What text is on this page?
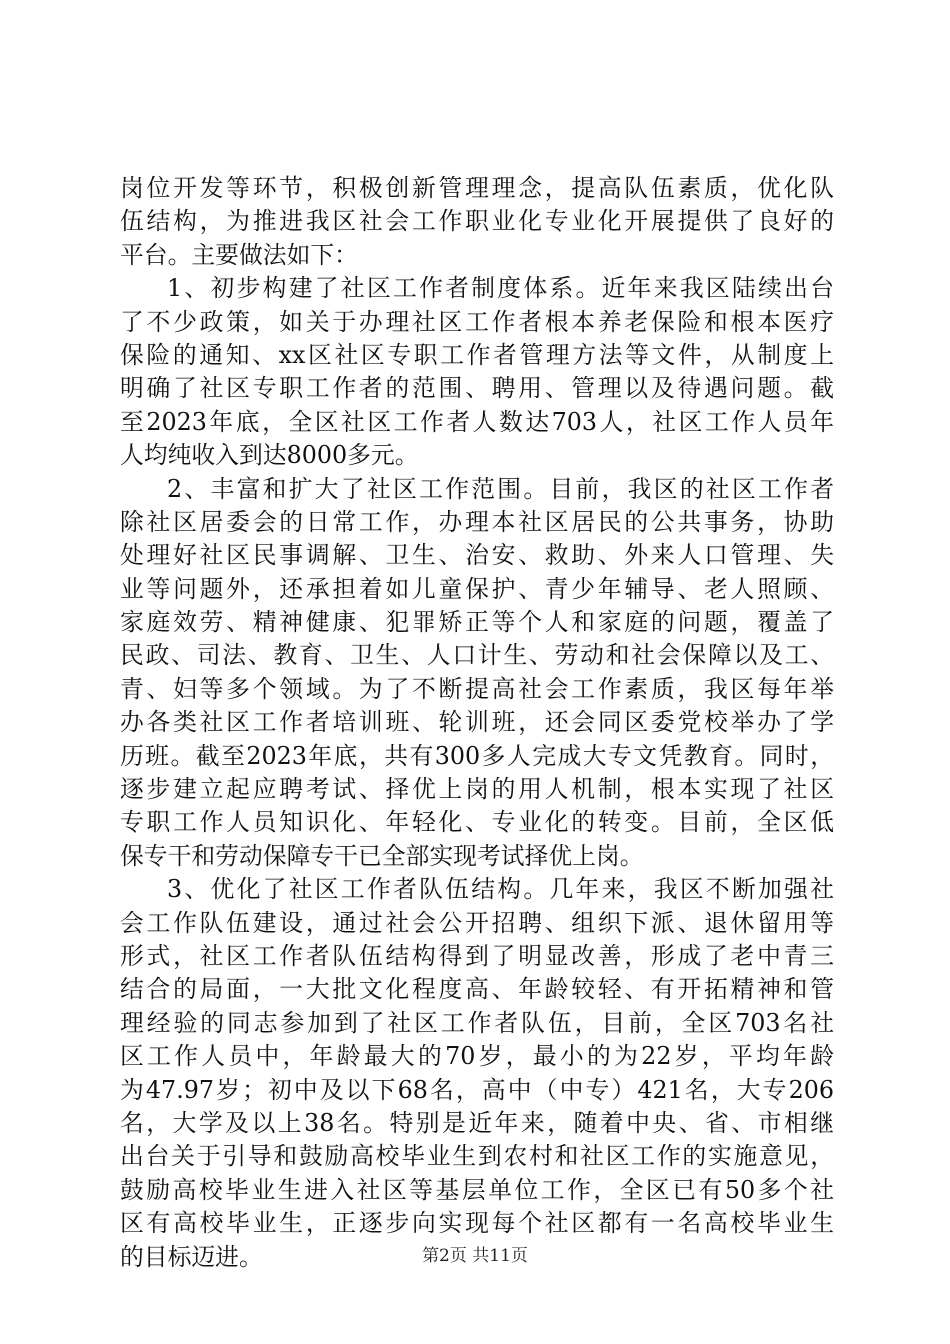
岗位开发等环节，积极创新管理理念，提高队伍素质，优化队
伍结构，为推进我区社会工作职业化专业化开展提供了良好的
平台。主要做法如下：
1、初步构建了社区工作者制度体系。近年来我区陆续出台
了不少政策，如关于办理社区工作者根本养老保险和根本医疗
保险的通知、xx区社区专职工作者管理方法等文件，从制度上
明确了社区专职工作者的范围、聘用、管理以及待遇问题。截
至2023年底，全区社区工作者人数达703人，社区工作人员年
人均纯收入到达8000多元。
2、丰富和扩大了社区工作范围。目前，我区的社区工作者
除社区居委会的日常工作，办理本社区居民的公共事务，协助
处理好社区民事调解、卫生、治安、救助、外来人口管理、失
业等问题外，还承担着如儿童保护、青少年辅导、老人照顾、
家庭效劳、精神健康、犯罪矫正等个人和家庭的问题，覆盖了
民政、司法、教育、卫生、人口计生、劳动和社会保障以及工、
青、妇等多个领域。为了不断提高社会工作素质，我区每年举
办各类社区工作者培训班、轮训班，还会同区委党校举办了学
历班。截至2023年底，共有300多人完成大专文凭教育。同时，
逐步建立起应聘考试、择优上岗的用人机制，根本实现了社区
专职工作人员知识化、年轻化、专业化的转变。目前，全区低
保专干和劳动保障专干已全部实现考试择优上岗。
3、优化了社区工作者队伍结构。几年来，我区不断加强社
会工作队伍建设，通过社会公开招聘、组织下派、退休留用等
形式，社区工作者队伍结构得到了明显改善，形成了老中青三
结合的局面，一大批文化程度高、年龄较轻、有开拓精神和管
理经验的同志参加到了社区工作者队伍，目前，全区703名社
区工作人员中，年龄最大的70岁，最小的为22岁，平均年龄
为47.97岁；初中及以下68名，高中（中专）421名，大专206
名，大学及以上38名。特别是近年来，随着中央、省、市相继
出台关于引导和鼓励高校毕业生到农村和社区工作的实施意见，
鼓励高校毕业生进入社区等基层单位工作，全区已有50多个社
区有高校毕业生，正逐步向实现每个社区都有一名高校毕业生
的目标迈进。	第2页 共11页
